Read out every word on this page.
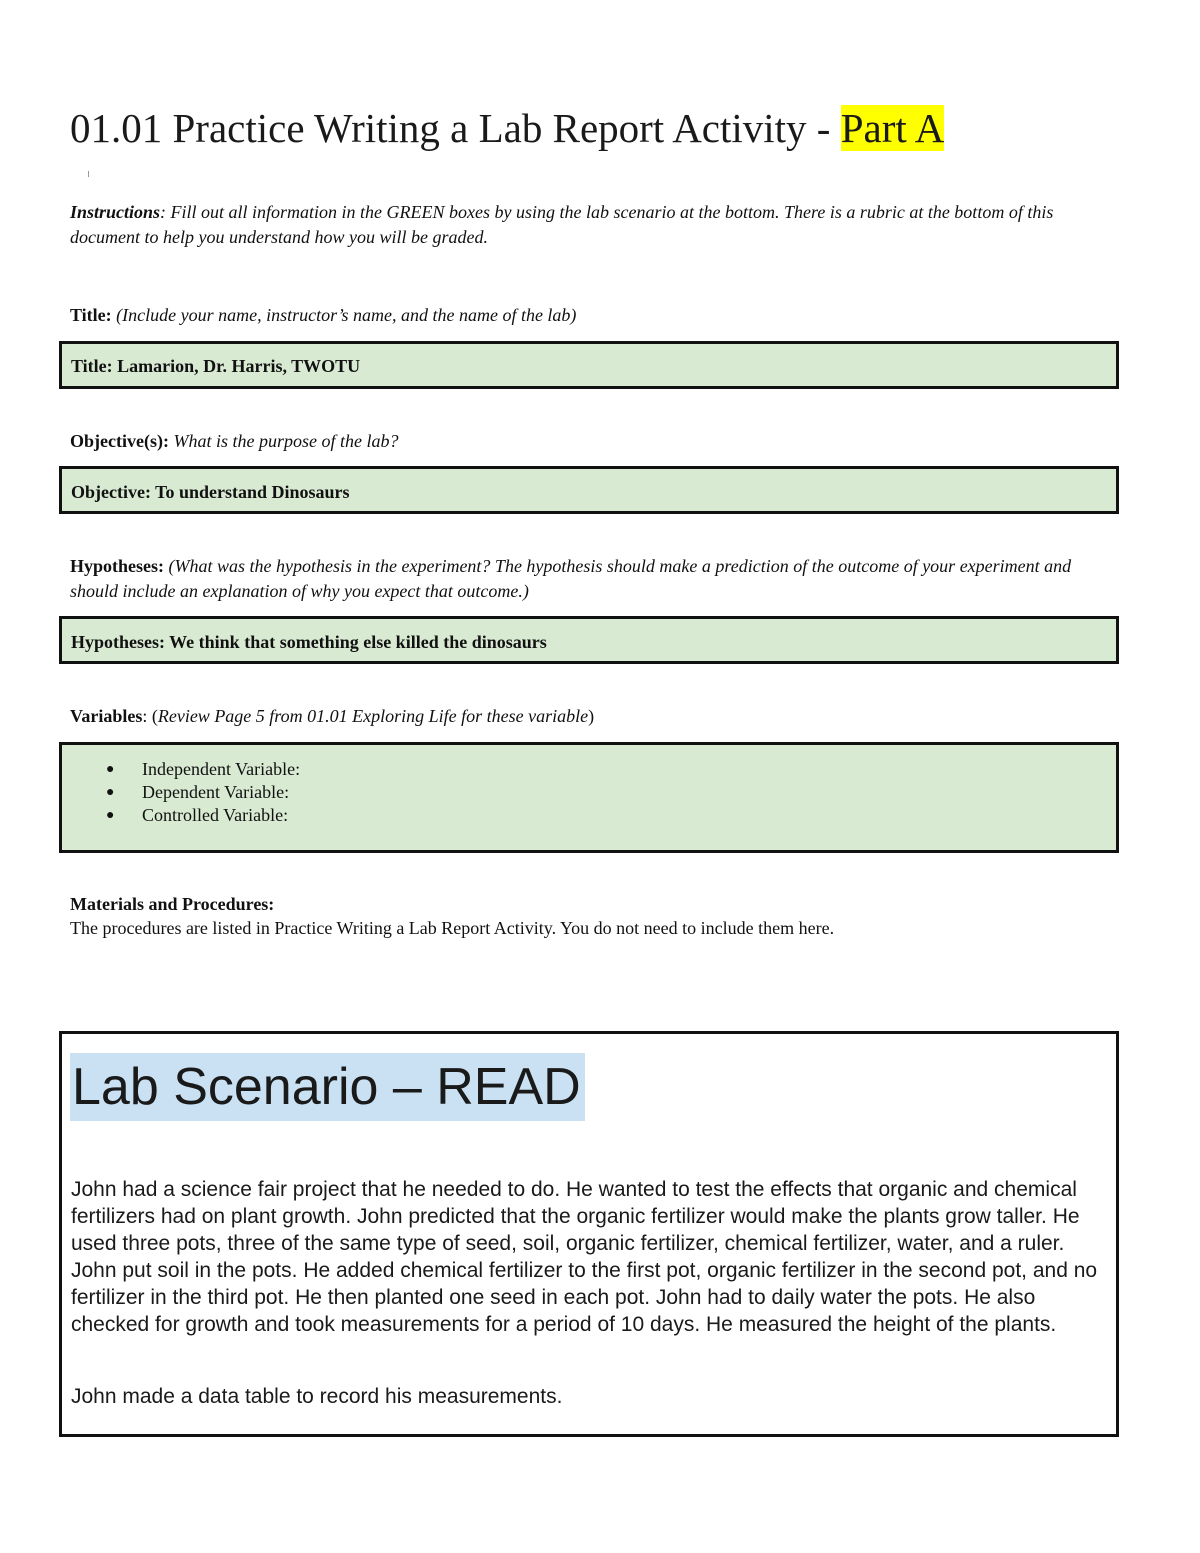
01.01 Practice Writing a Lab Report Activity - Part A

Instructions: Fill out all information in the GREEN boxes by using the lab scenario at the bottom. There is a rubric at the bottom of this document to help you understand how you will be graded.

Title: (Include your name, instructor’s name, and the name of the lab)

Title: Lamarion, Dr. Harris, TWOTU

Objective(s): What is the purpose of the lab?

Objective: To understand Dinosaurs

Hypotheses: (What was the hypothesis in the experiment? The hypothesis should make a prediction of the outcome of your experiment and should include an explanation of why you expect that outcome.)

Hypotheses: We think that something else killed the dinosaurs

Variables: (Review Page 5 from 01.01 Exploring Life for these variable)

● Independent Variable:
● Dependent Variable:
● Controlled Variable:

Materials and Procedures:

The procedures are listed in Practice Writing a Lab Report Activity. You do not need to include them here.

Lab Scenario – READ

John had a science fair project that he needed to do. He wanted to test the effects that organic and chemical fertilizers had on plant growth. John predicted that the organic fertilizer would make the plants grow taller. He used three pots, three of the same type of seed, soil, organic fertilizer, chemical fertilizer, water, and a ruler. John put soil in the pots. He added chemical fertilizer to the first pot, organic fertilizer in the second pot, and no fertilizer in the third pot. He then planted one seed in each pot. John had to daily water the pots. He also checked for growth and took measurements for a period of 10 days. He measured the height of the plants.

John made a data table to record his measurements.
